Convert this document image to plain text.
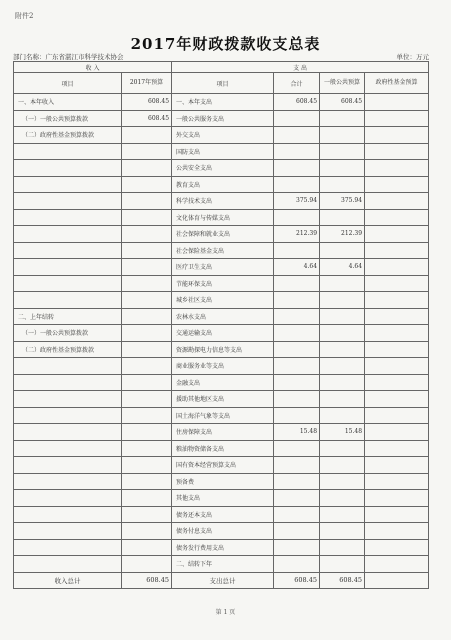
附件2
2017年财政拨款收支总表
部门名称：广东省湛江市科学技术协会	单位：万元
收 入		支 出			
项目	2017年预算	项目	合计	一般公共预算	政府性基金预算
一、本年收入	608.45	一、本年支出	608.45	608.45	
（一）一般公共预算拨款	608.45	一般公共服务支出			
（二）政府性基金预算拨款		外交支出			
		国防支出			
		公共安全支出			
		教育支出			
		科学技术支出	375.94	375.94	
		文化体育与传媒支出			
		社会保障和就业支出	212.39	212.39	
		社会保险基金支出			
		医疗卫生支出	4.64	4.64	
		节能环保支出			
		城乡社区支出			
二、上年结转		农林水支出			
（一）一般公共预算拨款		交通运输支出			
（二）政府性基金预算拨款		资源勘探电力信息等支出			
		商业服务业等支出			
		金融支出			
		援助其他地区支出			
		国土海洋气象等支出			
		住房保障支出	15.48	15.48	
		粮油物资储备支出			
		国有资本经营预算支出			
		预备费			
		其他支出			
		债务还本支出			
		债务付息支出			
		债务发行费用支出			
		二、结转下年			
收入总计	608.45	支出总计	608.45	608.45	
第 1 页
